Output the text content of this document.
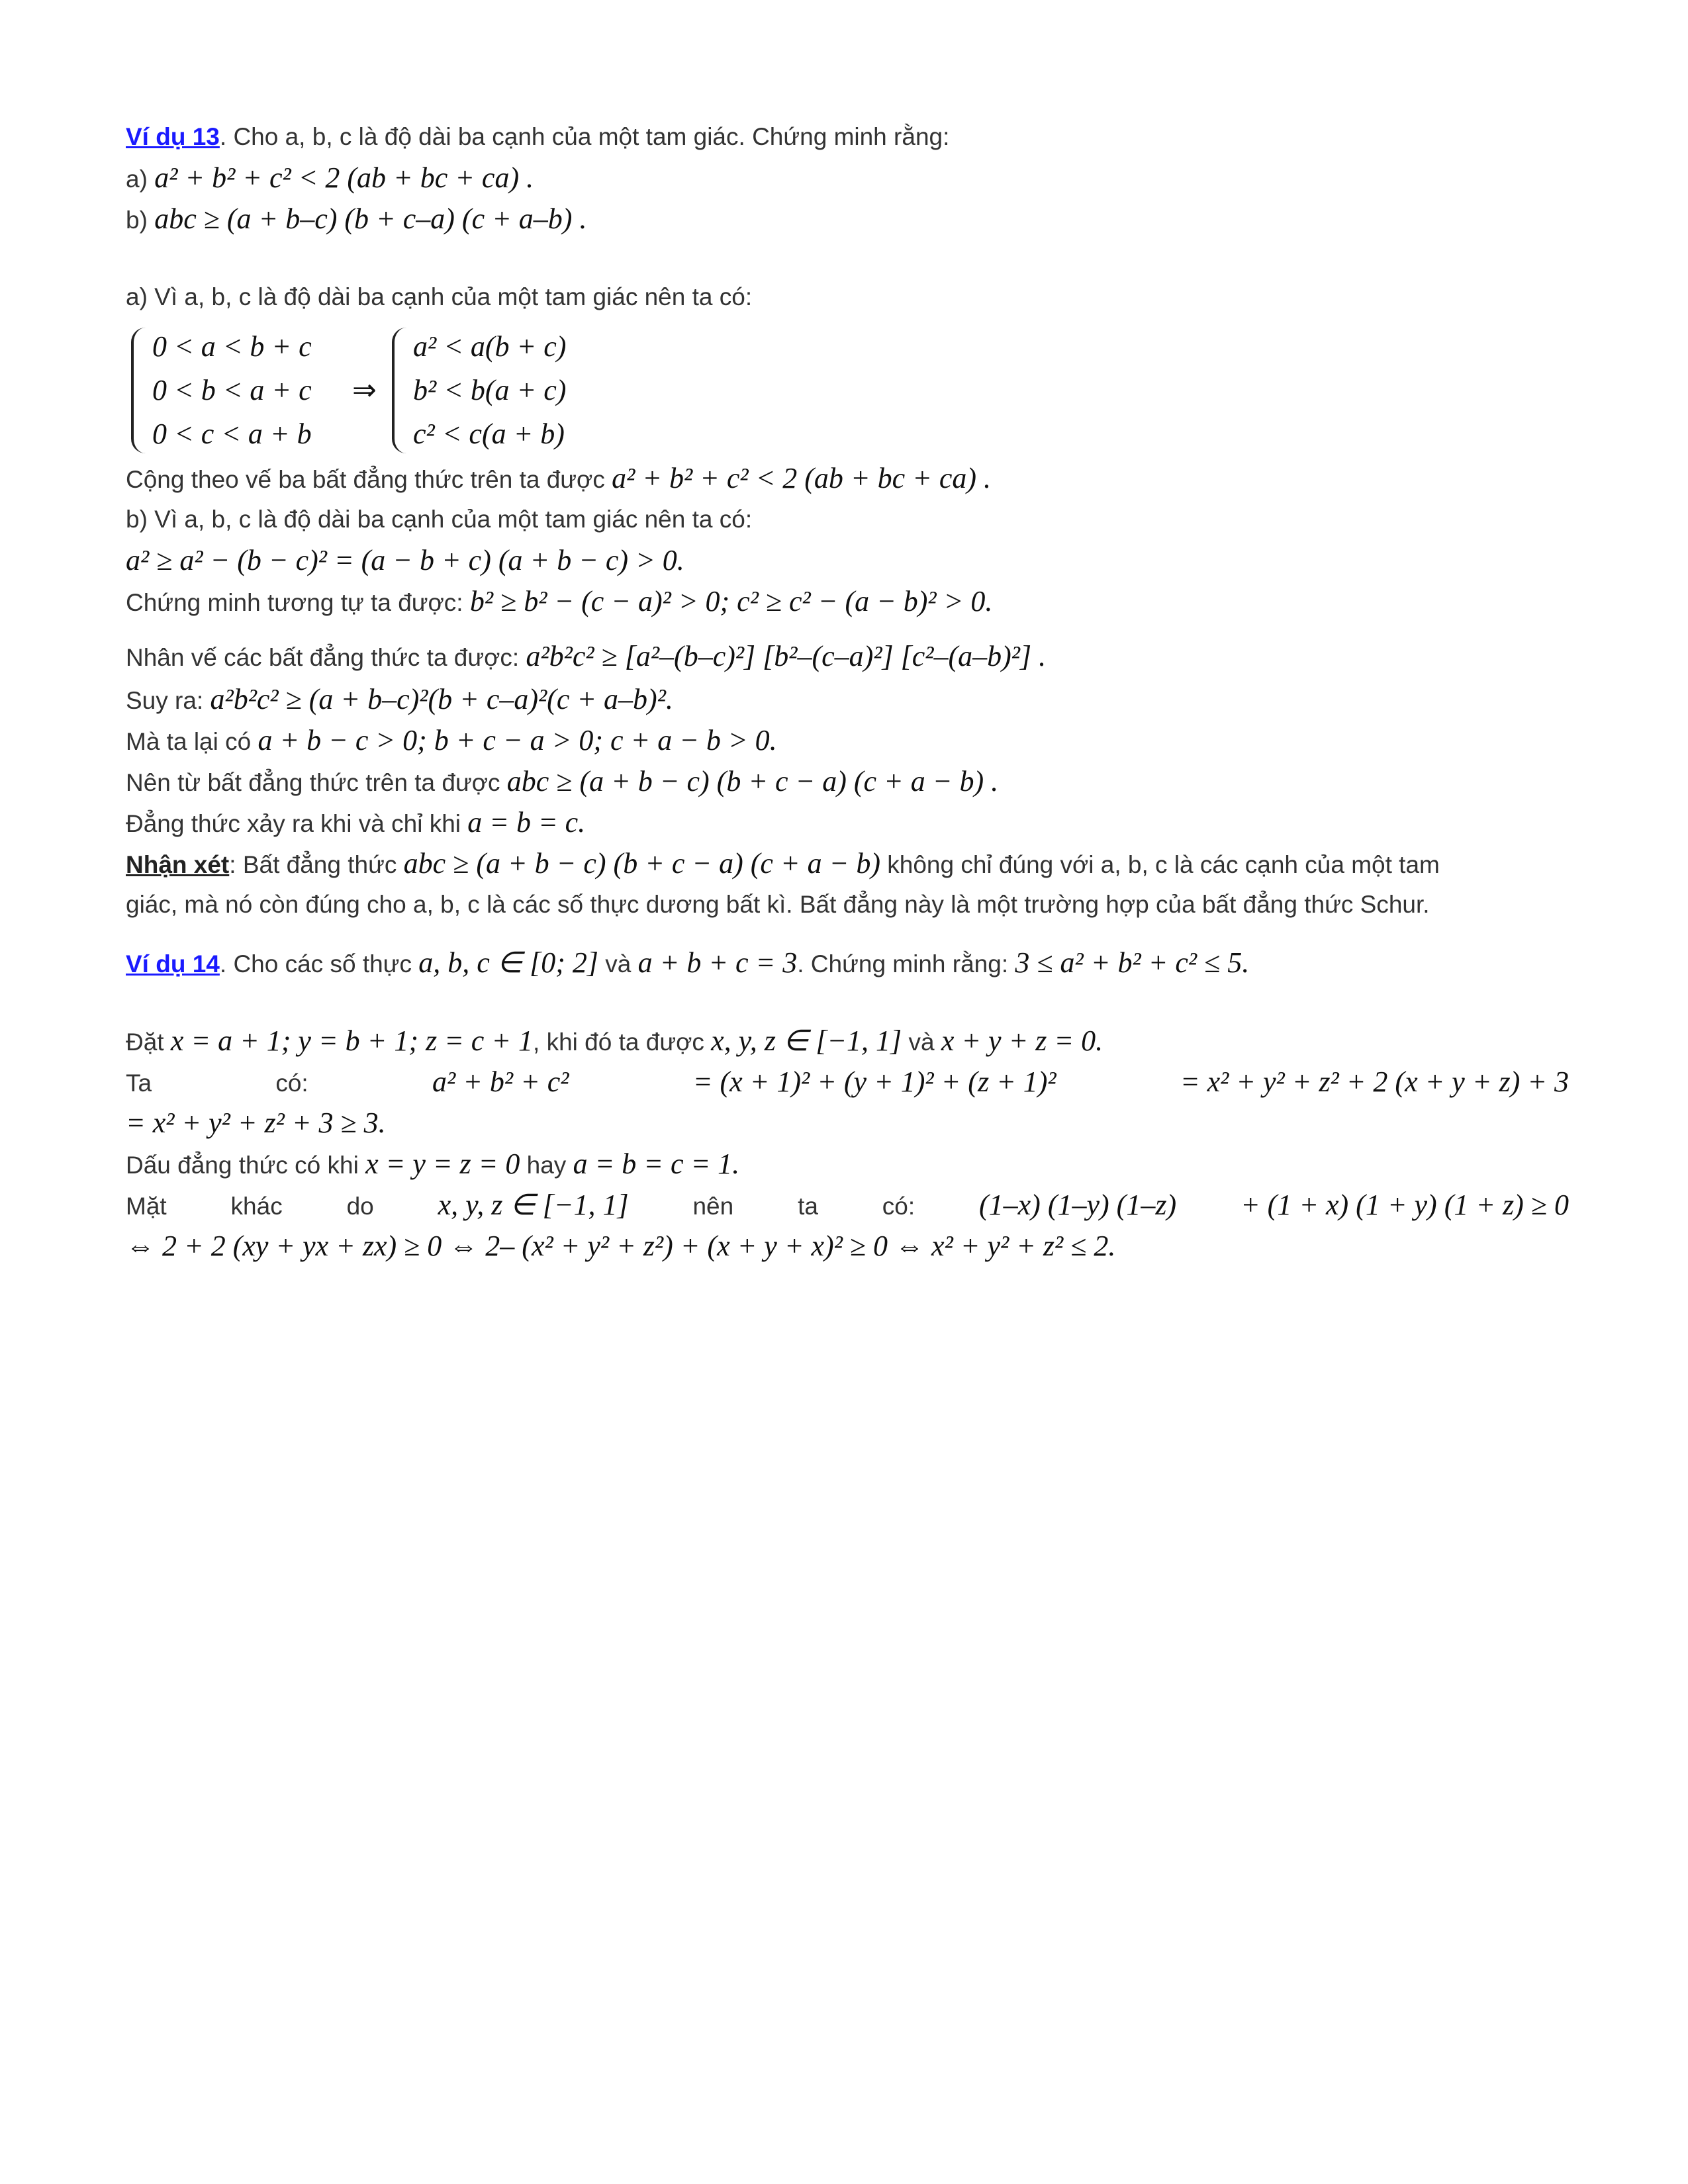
Ví dụ 13. Cho a, b, c là độ dài ba cạnh của một tam giác. Chứng minh rằng:
a) a² + b² + c² < 2 (ab + bc + ca) .
b) abc ≥ (a + b–c) (b + c–a) (c + a–b) .
a) Vì a, b, c là độ dài ba cạnh của một tam giác nên ta có:
0 < a < b + c
0 < b < a + c
0 < c < a + b
⇒
a² < a(b + c)
b² < b(a + c)
c² < c(a + b)
Cộng theo vế ba bất đẳng thức trên ta được a² + b² + c² < 2 (ab + bc + ca) .
b) Vì a, b, c là độ dài ba cạnh của một tam giác nên ta có:
a² ≥ a² − (b − c)² = (a − b + c) (a + b − c) > 0.
Chứng minh tương tự ta được: b² ≥ b² − (c − a)² > 0; c² ≥ c² − (a − b)² > 0.
Nhân vế các bất đẳng thức ta được: a²b²c² ≥ [a²–(b–c)²] [b²–(c–a)²] [c²–(a–b)²] .
Suy ra: a²b²c² ≥ (a + b–c)²(b + c–a)²(c + a–b)².
Mà ta lại có a + b − c > 0; b + c − a > 0; c + a − b > 0.
Nên từ bất đẳng thức trên ta được abc ≥ (a + b − c) (b + c − a) (c + a − b) .
Đẳng thức xảy ra khi và chỉ khi a = b = c.
Nhận xét: Bất đẳng thức abc ≥ (a + b − c) (b + c − a) (c + a − b) không chỉ đúng với a, b, c là các cạnh của một tam
giác, mà nó còn đúng cho a, b, c là các số thực dương bất kì. Bất đẳng này là một trường hợp của bất đẳng thức Schur.
Ví dụ 14. Cho các số thực a, b, c ∈ [0; 2] và a + b + c = 3. Chứng minh rằng: 3 ≤ a² + b² + c² ≤ 5.
Đặt x = a + 1; y = b + 1; z = c + 1, khi đó ta được x, y, z ∈ [−1, 1] và x + y + z = 0.
Ta	có:	a² + b² + c²	= (x + 1)² + (y + 1)² + (z + 1)²	= x² + y² + z² + 2 (x + y + z) + 3
= x² + y² + z² + 3 ≥ 3.
Dấu đẳng thức có khi x = y = z = 0 hay a = b = c = 1.
Mặt	khác	do x, y, z ∈ [−1, 1]	nên	ta	có: (1–x) (1–y) (1–z) + (1 + x) (1 + y) (1 + z) ≥ 0
⇔ 2 + 2 (xy + yx + zx) ≥ 0 ⇔ 2– (x² + y² + z²) + (x + y + x)² ≥ 0 ⇔ x² + y² + z² ≤ 2.
